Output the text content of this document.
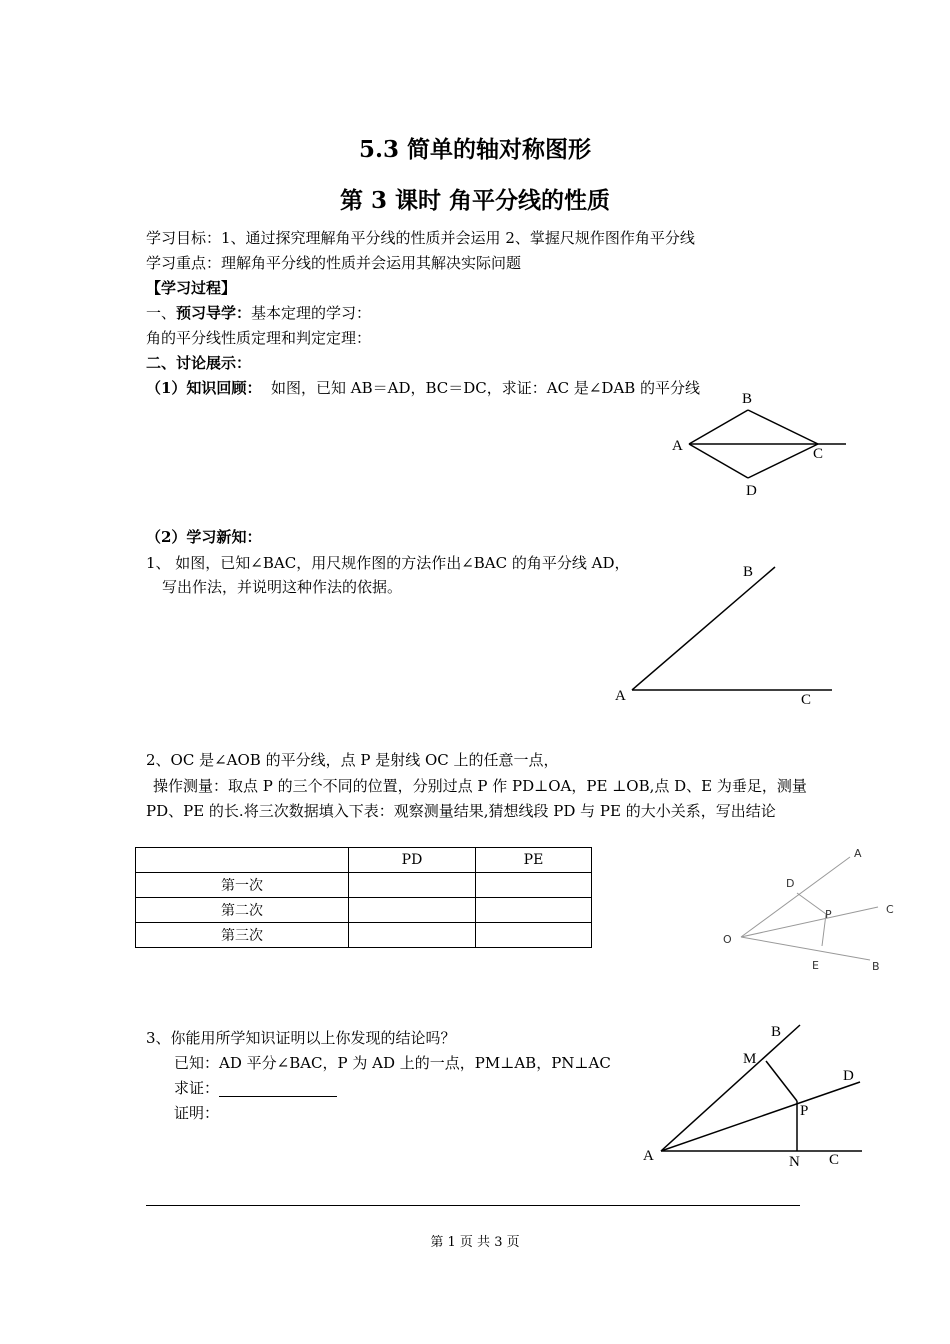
5.3 简单的轴对称图形
第 3 课时 角平分线的性质
学习目标：1、通过探究理解角平分线的性质并会运用 2、掌握尺规作图作角平分线
学习重点：理解角平分线的性质并会运用其解决实际问题
【学习过程】
一、预习导学：基本定理的学习：
角的平分线性质定理和判定定理：
二、讨论展示：
（1）知识回顾： 如图，已知 AB＝AD，BC＝DC，求证：AC 是∠DAB 的平分线
B
A	C
D
（2）学习新知：
1、 如图，已知∠BAC，用尺规作图的方法作出∠BAC 的角平分线 AD，
写出作法，并说明这种作法的依据。
B
A	C
2、OC 是∠AOB 的平分线，点 P 是射线 OC 上的任意一点，
操作测量：取点 P 的三个不同的位置，分别过点 P 作 PD⊥OA，PE ⊥OB,点 D、E 为垂足，测量
PD、PE 的长.将三次数据填入下表：观察测量结果,猜想线段 PD 与 PE 的大小关系，写出结论
	PD	PE
第一次		
第二次		
第三次			O
A
D
P	C
E	B
3、你能用所学知识证明以上你发现的结论吗？
已知：AD 平分∠BAC，P 为 AD 上的一点，PM⊥AB，PN⊥AC
求证：
证明：
B
M
D
P
A	N C
第 1 页 共 3 页
